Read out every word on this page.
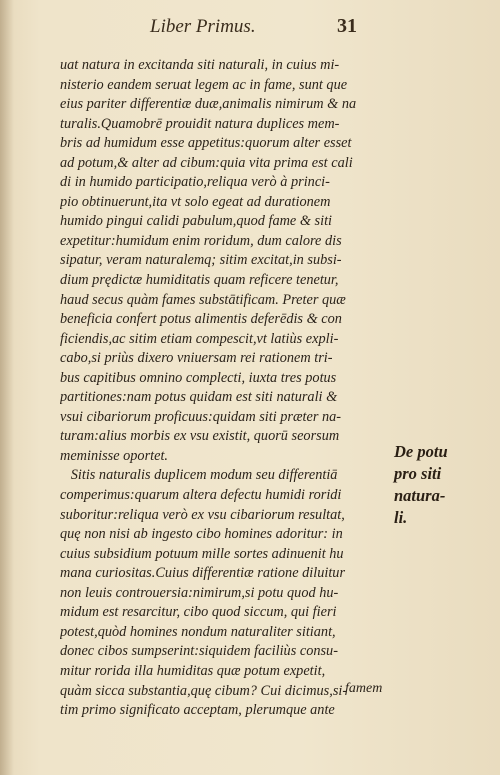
Liber Primus.	31
uat natura in excitanda siti naturali, in cuius mi-
nisterio eandem seruat legem ac in fame, sunt que
eius pariter differentiæ duæ,animalis nimirum & na
turalis.Quamobrē prouidit natura duplices mem-
bris ad humidum esse appetitus:quorum alter esset
ad potum,& alter ad cibum:quia vita prima est cali
di in humido participatio,reliqua verò à princi-
pio obtinuerunt,ita vt solo egeat ad durationem
humido pingui calidi pabulum,quod fame & siti
expetitur:humidum enim roridum, dum calore dis
sipatur, veram naturalemq; sitim excitat,in subsi-
dium prędictæ humiditatis quam reficere tenetur,
haud secus quàm fames substātificam. Preter quæ
beneficia confert potus alimentis deferēdis & con
ficiendis,ac sitim etiam compescit,vt latiùs expli-
cabo,si priùs dixero vniuersam rei rationem tri-
bus capitibus omnino complecti, iuxta tres potus
partitiones:nam potus quidam est siti naturali &
vsui cibariorum proficuus:quidam siti præter na-
turam:alius morbis ex vsu existit, quorū seorsum
meminisse oportet.
Sitis naturalis duplicem modum seu differentiā
comperimus:quarum altera defectu humidi roridi
suboritur:reliqua verò ex vsu cibariorum resultat,
quę non nisi ab ingesto cibo homines adoritur: in
cuius subsidium potuum mille sortes adinuenit hu
mana curiositas.Cuius differentiæ ratione diluitur
non leuis controuersia:nimirum,si potu quod hu-
midum est resarcitur, cibo quod siccum, qui fieri
potest,quòd homines nondum naturaliter sitiant,
donec cibos sumpserint:siquidem faciliùs consu-
mitur rorida illa humiditas quæ potum expetit,
quàm sicca substantia,quę cibum? Cui dicimus,si-
tim primo significato acceptam, plerumque ante
famem
De potu
pro siti
natura-
li.
